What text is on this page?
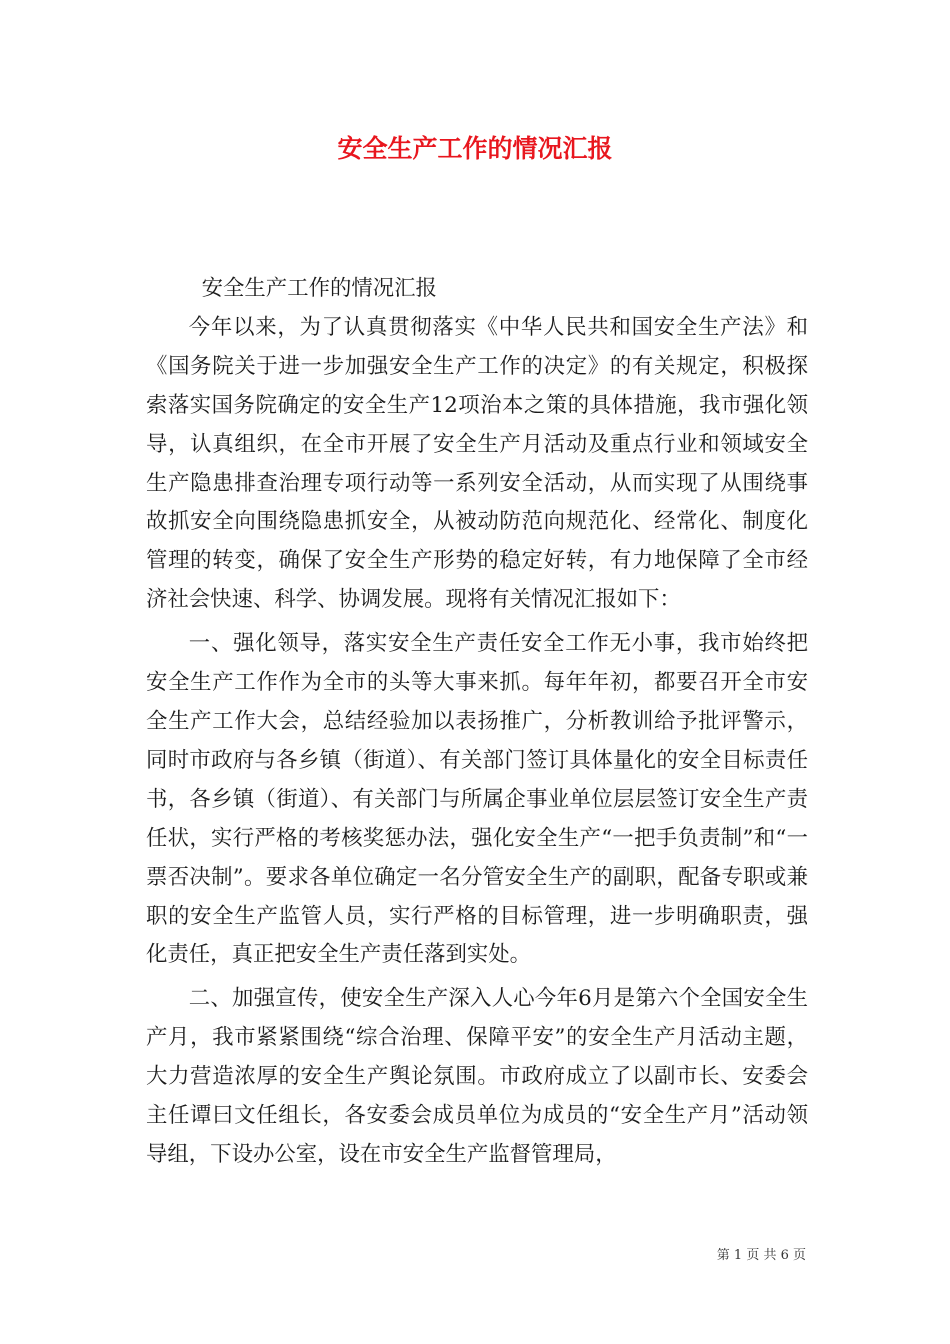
安全生产工作的情况汇报

安全生产工作的情况汇报

今年以来，为了认真贯彻落实《中华人民共和国安全生产法》和《国务院关于进一步加强安全生产工作的决定》的有关规定，积极探索落实国务院确定的安全生产12项治本之策的具体措施，我市强化领导，认真组织，在全市开展了安全生产月活动及重点行业和领域安全生产隐患排查治理专项行动等一系列安全活动，从而实现了从围绕事故抓安全向围绕隐患抓安全，从被动防范向规范化、经常化、制度化管理的转变，确保了安全生产形势的稳定好转，有力地保障了全市经济社会快速、科学、协调发展。现将有关情况汇报如下：

一、强化领导，落实安全生产责任安全工作无小事，我市始终把安全生产工作作为全市的头等大事来抓。每年年初，都要召开全市安全生产工作大会，总结经验加以表扬推广，分析教训给予批评警示，同时市政府与各乡镇（街道）、有关部门签订具体量化的安全目标责任书，各乡镇（街道）、有关部门与所属企事业单位层层签订安全生产责任状，实行严格的考核奖惩办法，强化安全生产“一把手负责制”和“一票否决制”。要求各单位确定一名分管安全生产的副职，配备专职或兼职的安全生产监管人员，实行严格的目标管理，进一步明确职责，强化责任，真正把安全生产责任落到实处。

二、加强宣传，使安全生产深入人心今年6月是第六个全国安全生产月，我市紧紧围绕“综合治理、保障平安”的安全生产月活动主题，大力营造浓厚的安全生产舆论氛围。市政府成立了以副市长、安委会主任谭曰文任组长，各安委会成员单位为成员的“安全生产月”活动领导组，下设办公室，设在市安全生产监督管理局，

第 1 页 共 6 页
